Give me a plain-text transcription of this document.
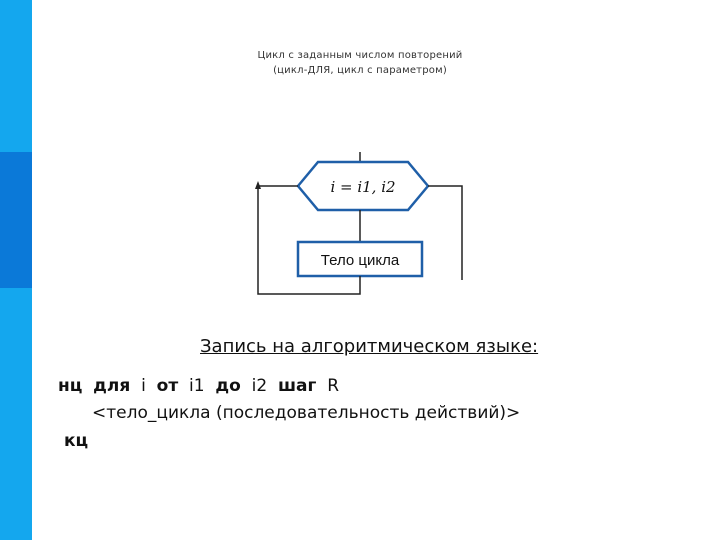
Цикл с заданным числом повторений
(цикл-ДЛЯ, цикл с параметром)
i = i1, i2
Тело цикла
Запись на алгоритмическом языке:
нц для i от i1 до i2 шаг R
<тело_цикла (последовательность действий)>
кц
